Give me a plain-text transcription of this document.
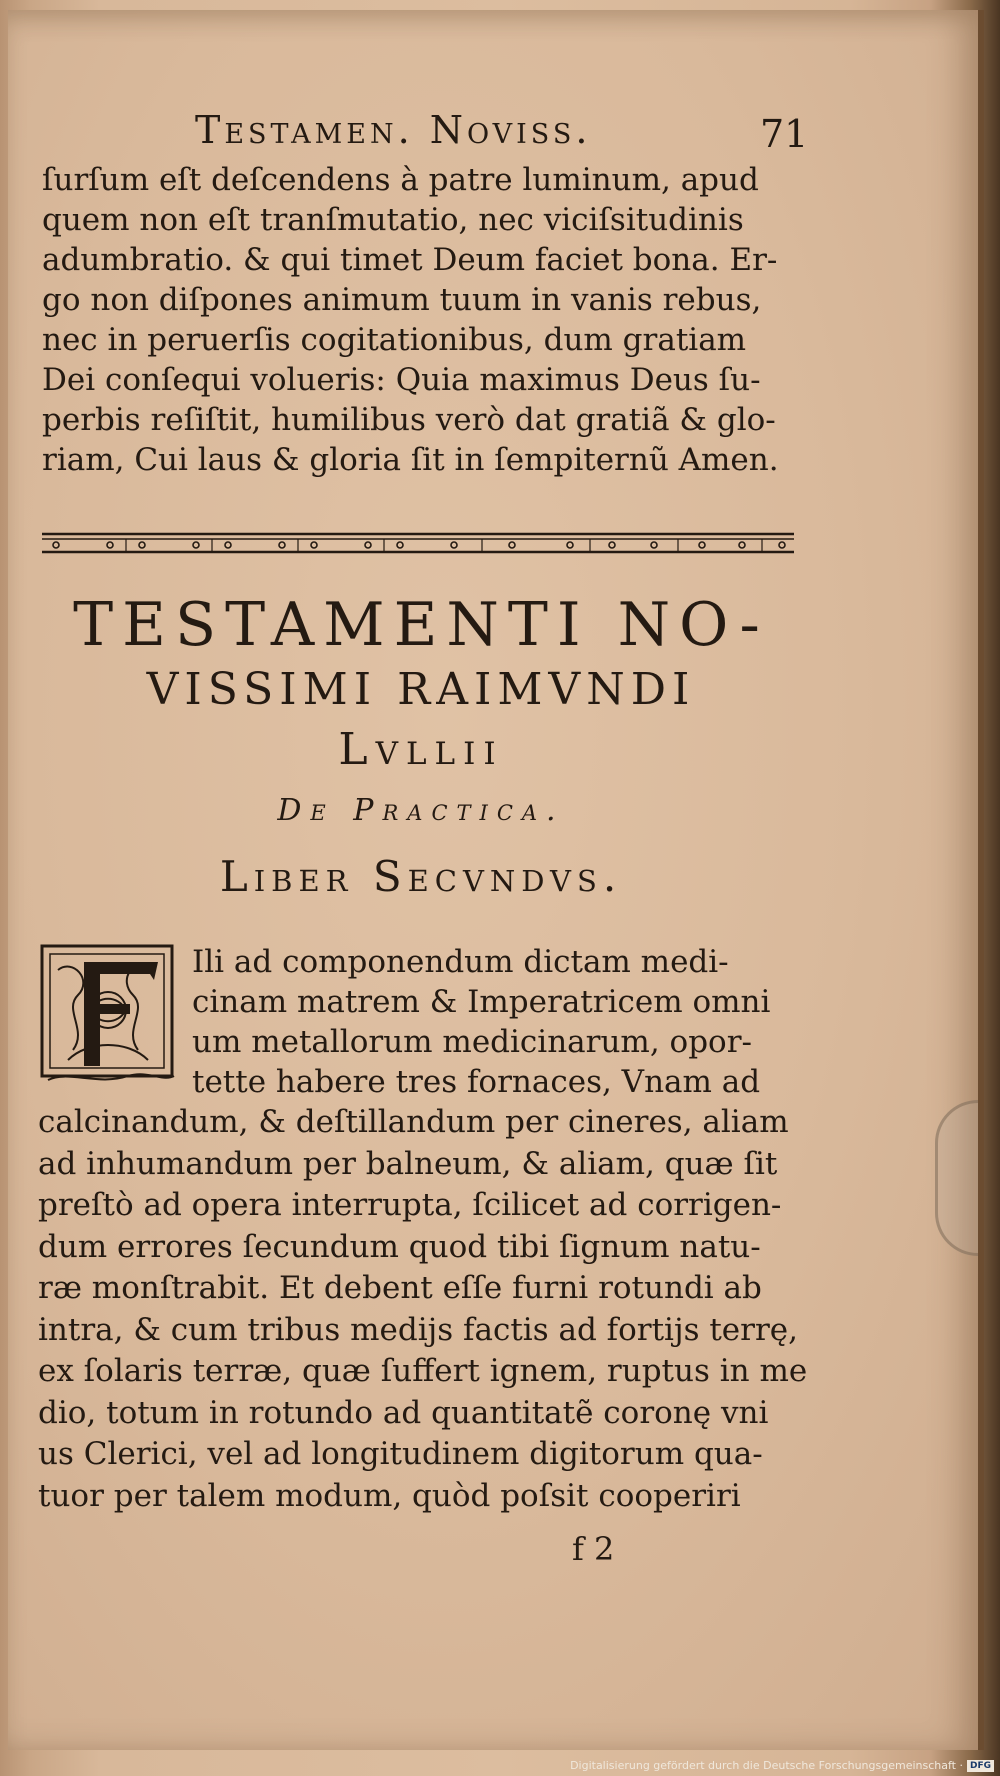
Testamen. Noviss.	71

ſurſum eſt deſcendens à patre luminum, apud

quem non eſt tranſmutatio, nec viciſsitudinis

adumbratio. & qui timet Deum faciet bona. Er-

go non diſpones animum tuum in vanis rebus,

nec in peruerſis cogitationibus, dum gratiam

Dei conſequi volueris: Quia maximus Deus ſu-

perbis reſiſtit, humilibus verò dat gratiã & glo-

riam, Cui laus & gloria ſit in ſempiternũ Amen.

TESTAMENTI NO-
VISSIMI RAIMVNDI
Lvllii
De Practica.
Liber Secvndvs.

Ili ad componendum dictam medi-

cinam matrem & Imperatricem omni

um metallorum medicinarum, opor-

tette habere tres fornaces, Vnam ad

calcinandum, & deſtillandum per cineres, aliam

ad inhumandum per balneum, & aliam, quæ ſit

preſtò ad opera interrupta, ſcilicet ad corrigen-

dum errores ſecundum quod tibi ſignum natu-

ræ monſtrabit. Et debent eſſe furni rotundi ab

intra, & cum tribus medijs factis ad fortijs terrę,

ex ſolaris terræ, quæ ſuffert ignem, ruptus in me

dio, totum in rotundo ad quantitatẽ coronę vni

us Clerici, vel ad longitudinem digitorum qua-

tuor per talem modum, quòd poſsit cooperiri

f 2
Digitalisierung gefördert durch die Deutsche Forschungsgemeinschaft · DFG
